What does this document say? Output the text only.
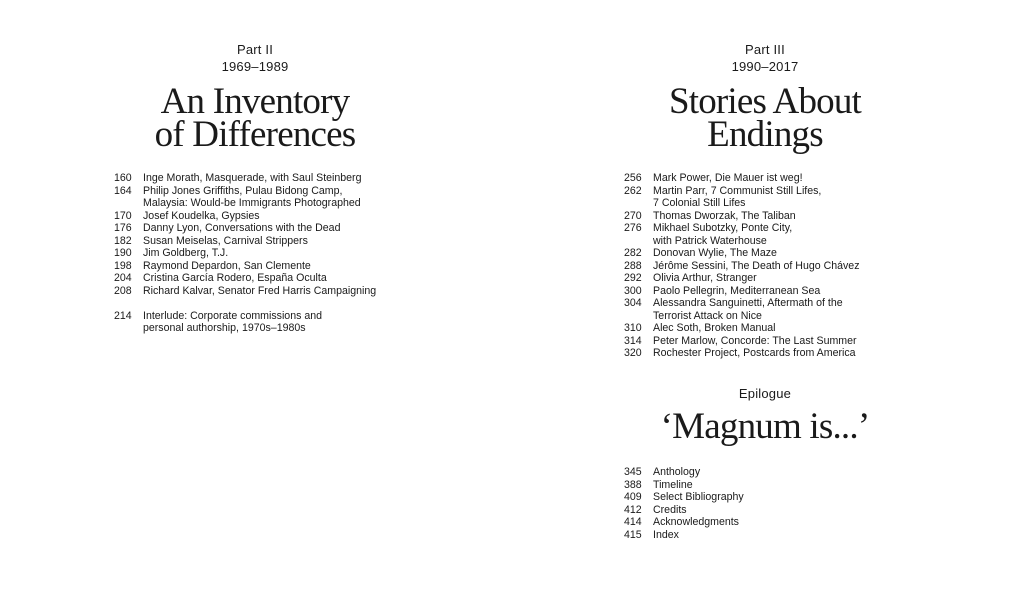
Part II
1969–1989
An Inventory
of Differences
160	Inge Morath, Masquerade, with Saul Steinberg
164	Philip Jones Griffiths, Pulau Bidong Camp,
Malaysia: Would-be Immigrants Photographed
170	Josef Koudelka, Gypsies
176	Danny Lyon, Conversations with the Dead
182	Susan Meiselas, Carnival Strippers
190	Jim Goldberg, T.J.
198	Raymond Depardon, San Clemente
204	Cristina García Rodero, España Oculta
208	Richard Kalvar, Senator Fred Harris Campaigning
214	Interlude: Corporate commissions and
personal authorship, 1970s–1980s
Part III
1990–2017
Stories About
Endings
256	Mark Power, Die Mauer ist weg!
262	Martin Parr, 7 Communist Still Lifes,
7 Colonial Still Lifes
270	Thomas Dworzak, The Taliban
276	Mikhael Subotzky, Ponte City,
with Patrick Waterhouse
282	Donovan Wylie, The Maze
288	Jérôme Sessini, The Death of Hugo Chávez
292	Olivia Arthur, Stranger
300	Paolo Pellegrin, Mediterranean Sea
304	Alessandra Sanguinetti, Aftermath of the
Terrorist Attack on Nice
310	Alec Soth, Broken Manual
314	Peter Marlow, Concorde: The Last Summer
320	Rochester Project, Postcards from America
Epilogue
‘Magnum is...’
345	Anthology
388	Timeline
409	Select Bibliography
412	Credits
414	Acknowledgments
415	Index
